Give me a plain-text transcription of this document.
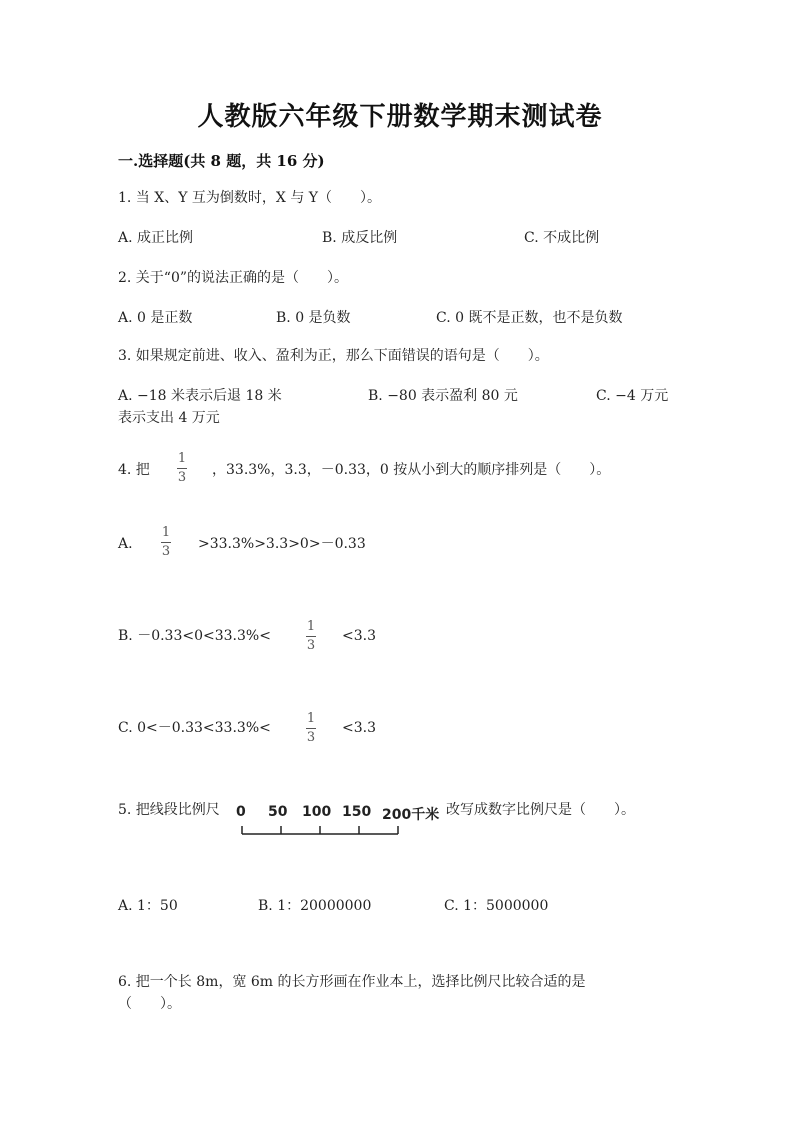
人教版六年级下册数学期末测试卷
一.选择题(共 8 题，共 16 分)
1. 当 X、Y 互为倒数时，X 与 Y（　　）。
A. 成正比例	B. 成反比例	C. 不成比例
2. 关于“0”的说法正确的是（　　）。
A. 0 是正数	B. 0 是负数	C. 0 既不是正数，也不是负数
3. 如果规定前进、收入、盈利为正，那么下面错误的语句是（　　）。
A. −18 米表示后退 18 米	B. −80 表示盈利 80 元	C. −4 万元
表示支出 4 万元
4. 把
1
3 ，33.3%，3.3，－0.33，0 按从小到大的顺序排列是（　　）。
A.
1
3 >33.3%>3.3>0>－0.33
B. －0.33<0<33.3%<
1
3
<3.3
C. 0<－0.33<33.3%<
1
3
<3.3
5. 把线段比例尺 0 50 100 150 200千米 改写成数字比例尺是（　　）。
A. 1：50	B. 1：20000000	C. 1：5000000
6. 把一个长 8m，宽 6m 的长方形画在作业本上，选择比例尺比较合适的是
（　　）。
